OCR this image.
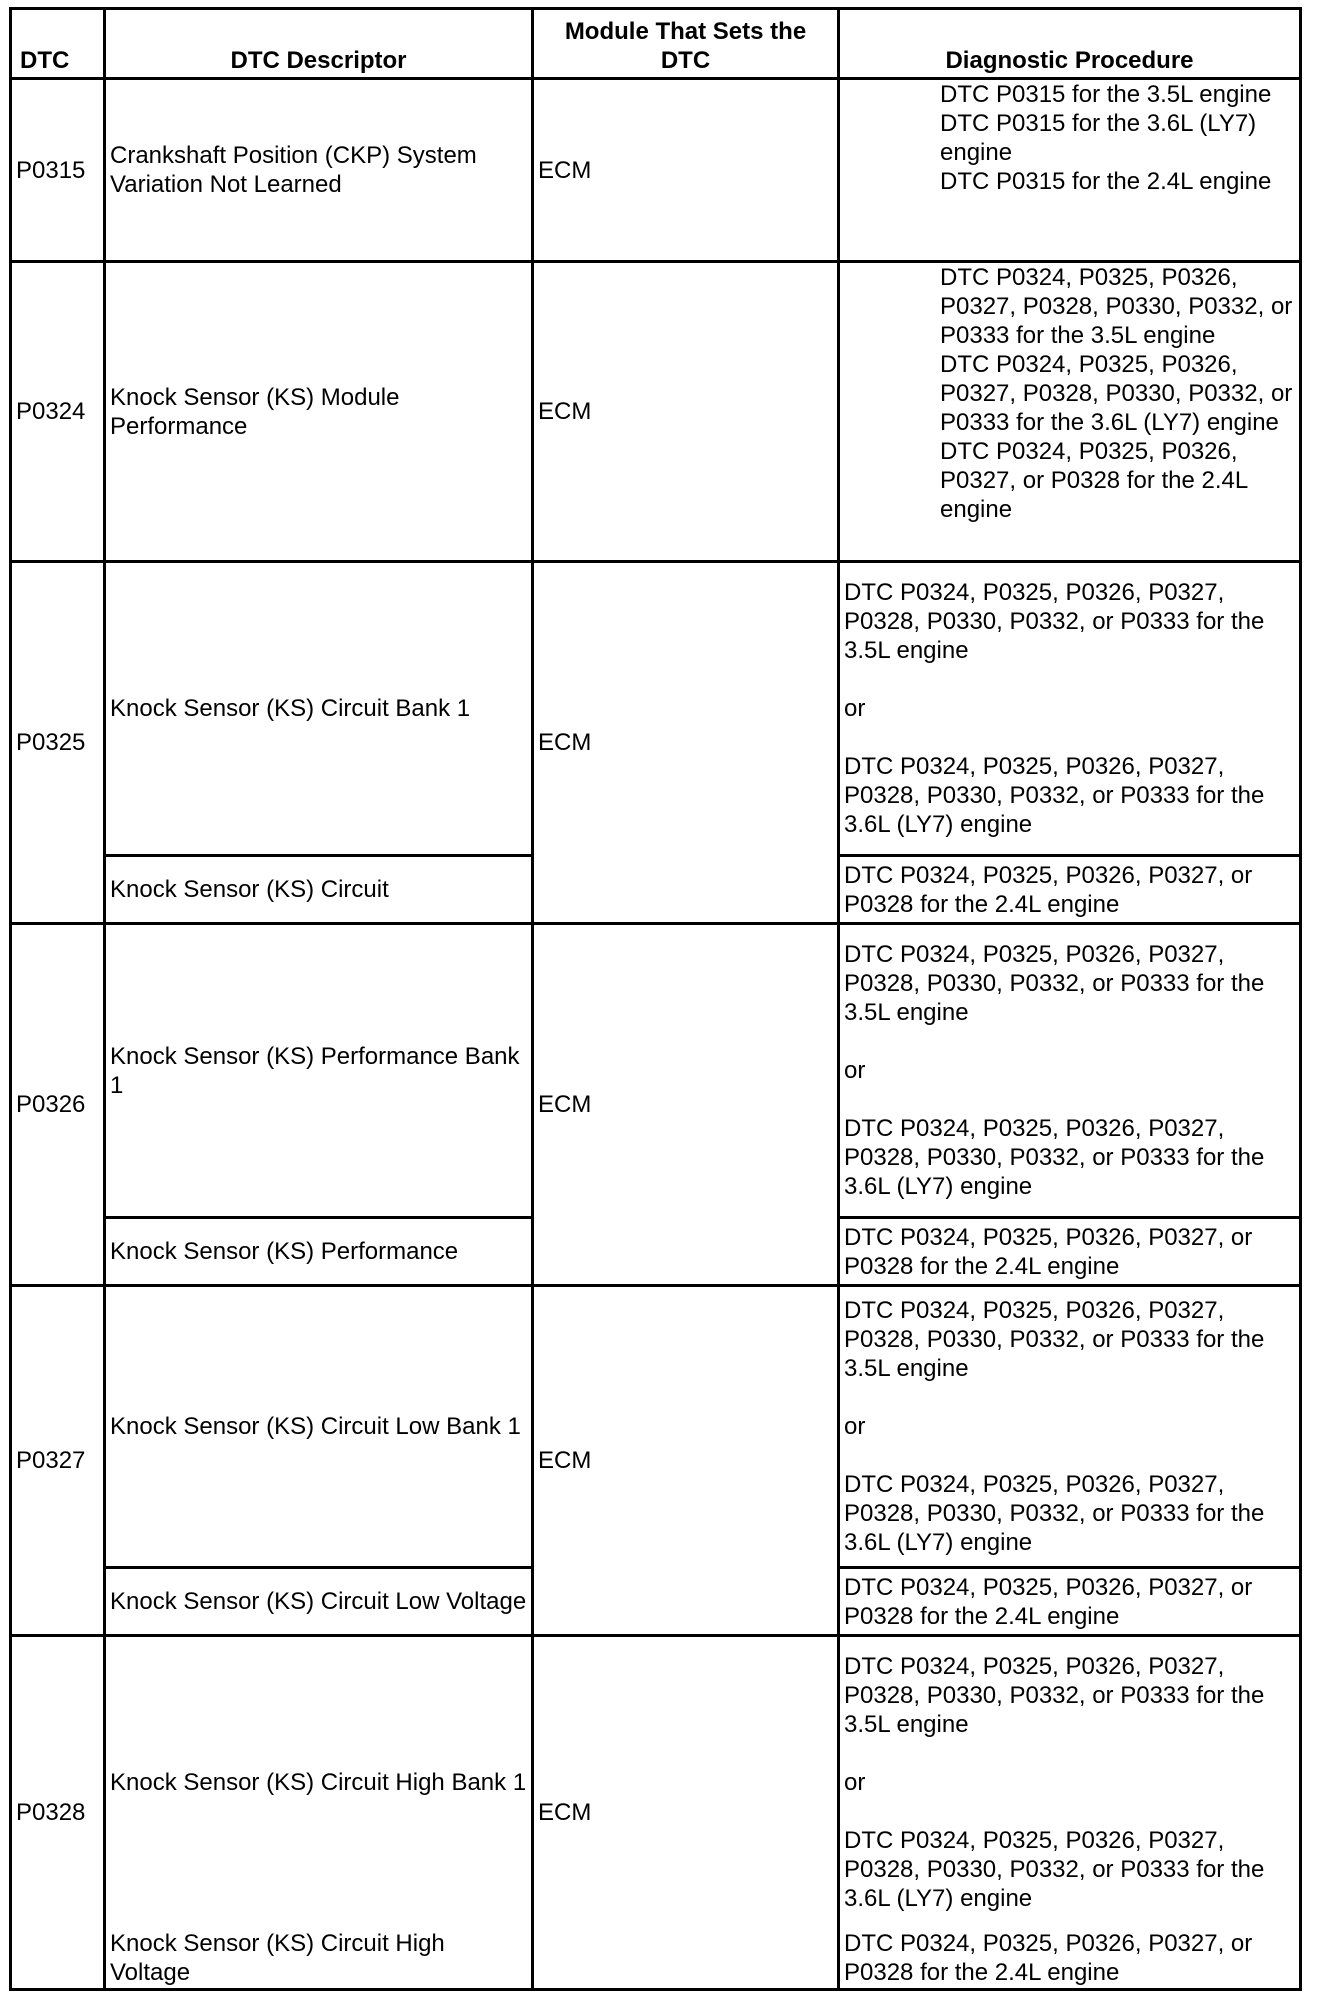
DTC	DTC Descriptor	Module That Sets the DTC	Diagnostic Procedure
P0315	Crankshaft Position (CKP) System Variation Not Learned	ECM	DTC P0315 for the 3.5L engine
DTC P0315 for the 3.6L (LY7) engine
DTC P0315 for the 2.4L engine

P0324	Knock Sensor (KS) Module Performance	ECM	DTC P0324, P0325, P0326, P0327, P0328, P0330, P0332, or P0333 for the 3.5L engine
DTC P0324, P0325, P0326, P0327, P0328, P0330, P0332, or P0333 for the 3.6L (LY7) engine
DTC P0324, P0325, P0326, P0327, or P0328 for the 2.4L engine

P0325	Knock Sensor (KS) Circuit Bank 1	ECM	DTC P0324, P0325, P0326, P0327, P0328, P0330, P0332, or P0333 for the 3.5L engine

or

DTC P0324, P0325, P0326, P0327, P0328, P0330, P0332, or P0333 for the 3.6L (LY7) engine

	Knock Sensor (KS) Circuit		DTC P0324, P0325, P0326, P0327, or P0328 for the 2.4L engine

P0326	Knock Sensor (KS) Performance Bank 1	ECM	DTC P0324, P0325, P0326, P0327, P0328, P0330, P0332, or P0333 for the 3.5L engine

or

DTC P0324, P0325, P0326, P0327, P0328, P0330, P0332, or P0333 for the 3.6L (LY7) engine

	Knock Sensor (KS) Performance		DTC P0324, P0325, P0326, P0327, or P0328 for the 2.4L engine

P0327	Knock Sensor (KS) Circuit Low Bank 1	ECM	DTC P0324, P0325, P0326, P0327, P0328, P0330, P0332, or P0333 for the 3.5L engine

or

DTC P0324, P0325, P0326, P0327, P0328, P0330, P0332, or P0333 for the 3.6L (LY7) engine

	Knock Sensor (KS) Circuit Low Voltage		DTC P0324, P0325, P0326, P0327, or P0328 for the 2.4L engine

P0328	Knock Sensor (KS) Circuit High Bank 1	ECM	DTC P0324, P0325, P0326, P0327, P0328, P0330, P0332, or P0333 for the 3.5L engine

or

DTC P0324, P0325, P0326, P0327, P0328, P0330, P0332, or P0333 for the 3.6L (LY7) engine

	Knock Sensor (KS) Circuit High Voltage		DTC P0324, P0325, P0326, P0327, or P0328 for the 2.4L engine
